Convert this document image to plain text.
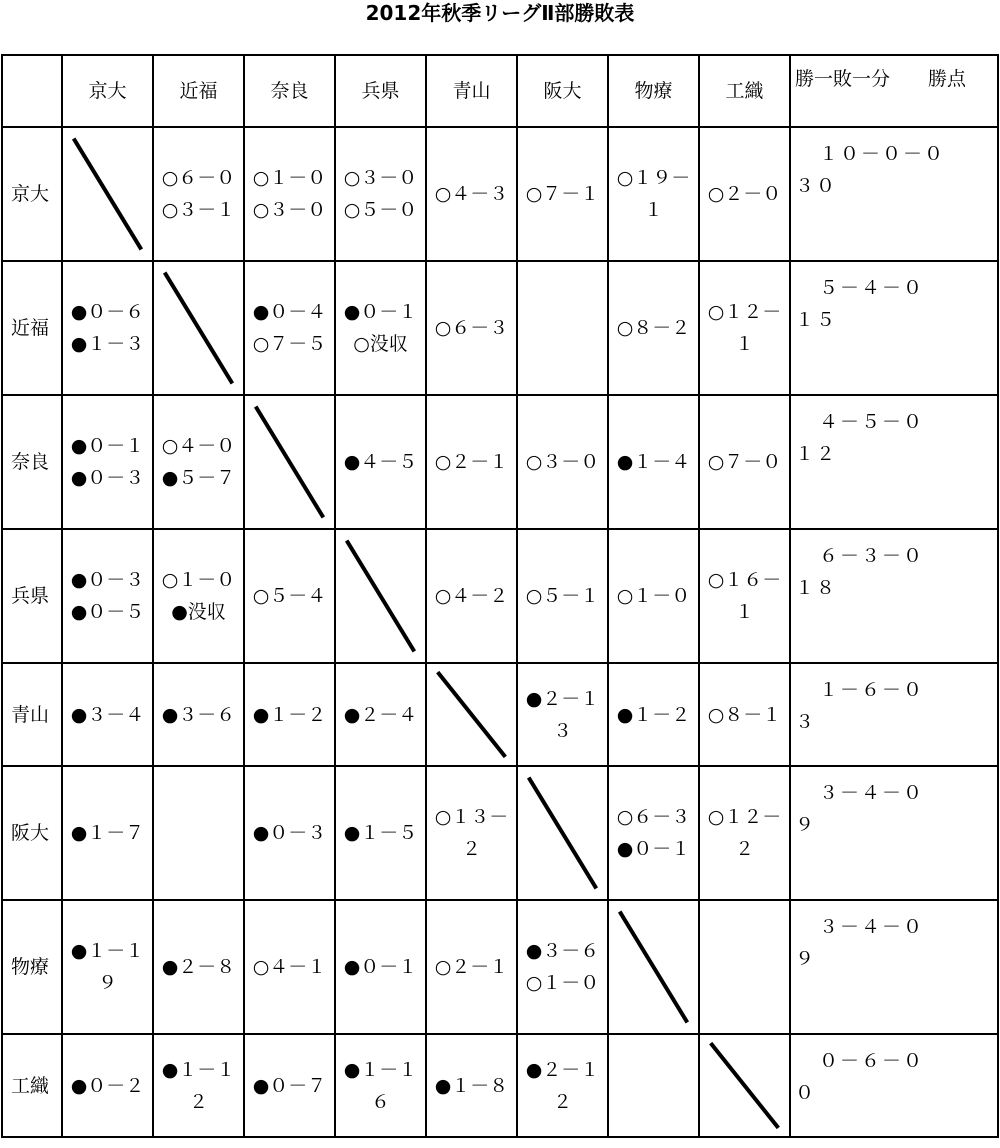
2012年秋季リーグⅡ部勝敗表
	京大	近福	奈良	兵県	青山	阪大	物療	工織	勝一敗一分　　勝点
京大		○６－０　○３－１	○１－０　○３－０	○３－０　○５－０	○４－３	○７－１	○１９－１	○２－０	１０－０－０
３０

近福	●０－６　●１－３		●０－４　○７－５	●０－１　○没収	○６－３		○８－２	○１２－１	５－４－０
１５

奈良	●０－１　●０－３	○４－０　●５－７		●４－５	○２－１	○３－０	●１－４	○７－０	４－５－０
１２

兵県	●０－３　●０－５	○１－０　●没収	○５－４		○４－２	○５－１	○１－０	○１６－１	６－３－０
１８

青山	●３－４	●３－６	●１－２	●２－４		●２－１３	●１－２	○８－１	１－６－０
３

阪大	●１－７		●０－３	●１－５	○１３－２		○６－３　●０－１	○１２－２	３－４－０
９

物療	●１－１９	●２－８	○４－１	●０－１	○２－１	●３－６　○１－０			３－４－０
９

工織	●０－２	●１－１２	●０－７	●１－１６	●１－８	●２－１２			０－６－０
０
